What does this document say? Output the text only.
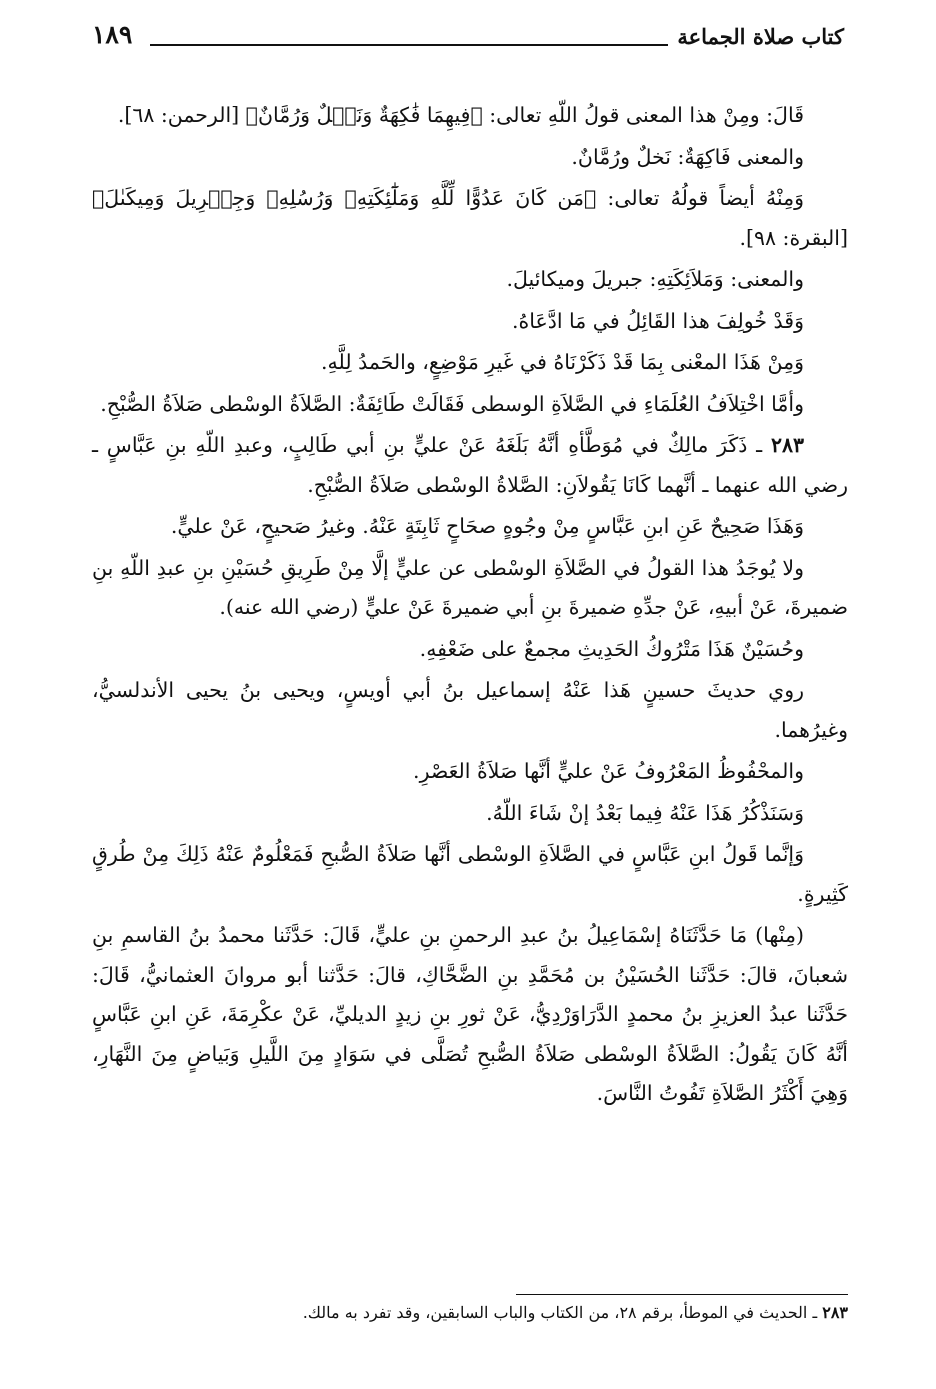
كتاب صلاة الجماعة
١٨٩

قَالَ: ومِنْ هذا المعنى قولُ اللّهِ تعالى: ﴿فِيهِمَا فَٰكِهَةٌ وَنَخۡلٌ وَرُمَّانٌ﴾ [الرحمن: ٦٨].

والمعنى فَاكِهَةٌ: نَخلٌ ورُمَّانٌ.

وَمِنْهُ أيضاً قولُهُ تعالى: ﴿مَن كَانَ عَدُوًّا لِّلَّهِ وَمَلَٰٓئِكَتِهِۦ وَرُسُلِهِۦ وَجِبۡرِيلَ وَمِيكَىٰلَ﴾ [البقرة: ٩٨].

والمعنى: وَمَلاَئِكَتِهِ: جبريلَ وميكائيلَ.

وَقَدْ خُولِفَ هذا القَائِلُ في مَا ادَّعَاهُ.

وَمِنْ هَذَا المعْنى بِمَا قَدْ ذَكَرْنَاهُ في غَيرِ مَوْضِعٍ، والحَمدُ لِلَّهِ.

وأمَّا اخْتِلاَفُ العُلَمَاءِ في الصَّلاَةِ الوسطى فَقَالَتْ طَائِفَةٌ: الصَّلاَةُ الوسْطى صَلاَةُ الصُّبْحِ.

٢٨٣ ـ ذَكَرَ مالِكٌ في مُوَطَّأهِ أنَّهُ بَلَغَهُ عَنْ عليٍّ بنِ أبي طَالِبٍ، وعبدِ اللّهِ بنِ عَبَّاسٍ ـ رضي الله عنهما ـ أنَّهما كَانَا يَقُولاَنِ: الصَّلاةُ الوسْطى صَلاَةُ الصُّبْحِ.

وَهَذَا صَحِيحٌ عَنِ ابنِ عَبَّاسٍ مِنْ وجُوهٍ صحَاحٍ ثَابِتَةٍ عَنْهُ. وغيرُ صَحيحٍ، عَنْ عليٍّ.

ولا يُوجَدُ هذا القولُ في الصَّلاَةِ الوسْطى عن عليٍّ إلَّا مِنْ طَرِيقِ حُسَيْنِ بنِ عبدِ اللّهِ بنِ ضميرةَ، عَنْ أبيهِ، عَنْ جدِّهِ ضميرةَ بنِ أبي ضميرةَ عَنْ عليٍّ (رضي الله عنه).

وحُسَيْنٌ هَذَا مَتْرُوكُ الحَدِيثِ مجمعٌ على ضَعْفِهِ.

روي حديثَ حسينٍ هَذا عَنْهُ إسماعيل بنُ أبي أويسٍ، ويحيى بنُ يحيى الأندلسيُّ، وغيرُهما.

والمحْفُوظُ المَعْرُوفُ عَنْ عليٍّ أنَّها صَلاَةُ العَصْرِ.

وَسَنَذْكُرُ هَذَا عَنْهُ فِيما بَعْدُ إنْ شَاءَ اللّهُ.

وَإنَّما قَولُ ابنِ عَبَّاسٍ في الصَّلاَةِ الوسْطى أنَّها صَلاَةُ الصُّبحِ فَمَعْلُومٌ عَنْهُ ذَلِكَ مِنْ طُرقٍ كَثِيرةٍ.

(مِنْها) مَا حَدَّثَنَاهُ إسْمَاعِيلُ بنُ عبدِ الرحمنِ بنِ عليٍّ، قَالَ: حَدَّثَنا محمدُ بنُ القاسمِ بنِ شعبانَ، قالَ: حَدَّثَنا الحُسَيْنُ بن مُحَمَّدِ بنِ الضَّحَّاكِ، قالَ: حَدَّثنا أبو مروانَ العثمانيُّ، قَالَ: حَدَّثَنا عبدُ العزيزِ بنُ محمدٍ الدَّرَاوَرْدِيُّ، عَنْ ثورِ بنِ زيدٍ الديليِّ، عَنْ عكْرِمَةَ، عَنِ ابنِ عَبَّاسٍ أنَّهُ كَانَ يَقُولُ: الصَّلاَةُ الوسْطى صَلاَةُ الصُّبحِ تُصَلَّى في سَوَادٍ مِنَ اللَّيلِ وَبَياضٍ مِنَ النَّهَارِ، وَهِيَ أَكْثَرُ الصَّلاَةِ تَفُوتُ النَّاسَ.

٢٨٣ ـ الحديث في الموطأ، برقم ٢٨، من الكتاب والباب السابقين، وقد تفرد به مالك.
